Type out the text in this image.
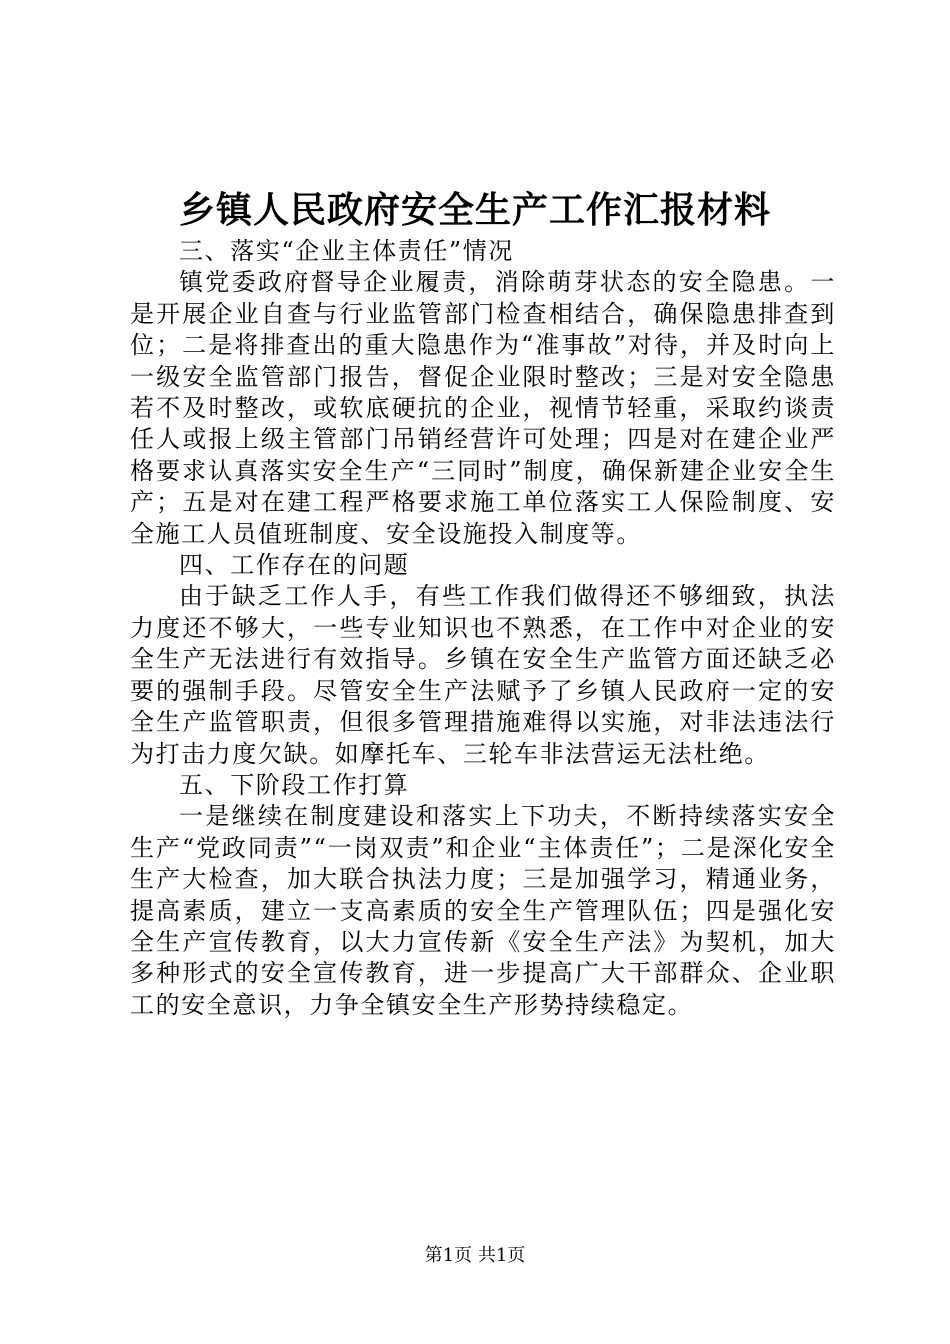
乡镇人民政府安全生产工作汇报材料

三、落实“企业主体责任”情况

镇党委政府督导企业履责，消除萌芽状态的安全隐患。一是开展企业自查与行业监管部门检查相结合，确保隐患排查到位；二是将排查出的重大隐患作为“准事故”对待，并及时向上一级安全监管部门报告，督促企业限时整改；三是对安全隐患若不及时整改，或软底硬抗的企业，视情节轻重，采取约谈责任人或报上级主管部门吊销经营许可处理；四是对在建企业严格要求认真落实安全生产“三同时”制度，确保新建企业安全生产；五是对在建工程严格要求施工单位落实工人保险制度、安全施工人员值班制度、安全设施投入制度等。

四、工作存在的问题

由于缺乏工作人手，有些工作我们做得还不够细致，执法力度还不够大，一些专业知识也不熟悉，在工作中对企业的安全生产无法进行有效指导。乡镇在安全生产监管方面还缺乏必要的强制手段。尽管安全生产法赋予了乡镇人民政府一定的安全生产监管职责，但很多管理措施难得以实施，对非法违法行为打击力度欠缺。如摩托车、三轮车非法营运无法杜绝。

五、下阶段工作打算

一是继续在制度建设和落实上下功夫，不断持续落实安全生产“党政同责”“一岗双责”和企业“主体责任”；二是深化安全生产大检查，加大联合执法力度；三是加强学习，精通业务，提高素质，建立一支高素质的安全生产管理队伍；四是强化安全生产宣传教育，以大力宣传新《安全生产法》为契机，加大多种形式的安全宣传教育，进一步提高广大干部群众、企业职工的安全意识，力争全镇安全生产形势持续稳定。

第1页 共1页
